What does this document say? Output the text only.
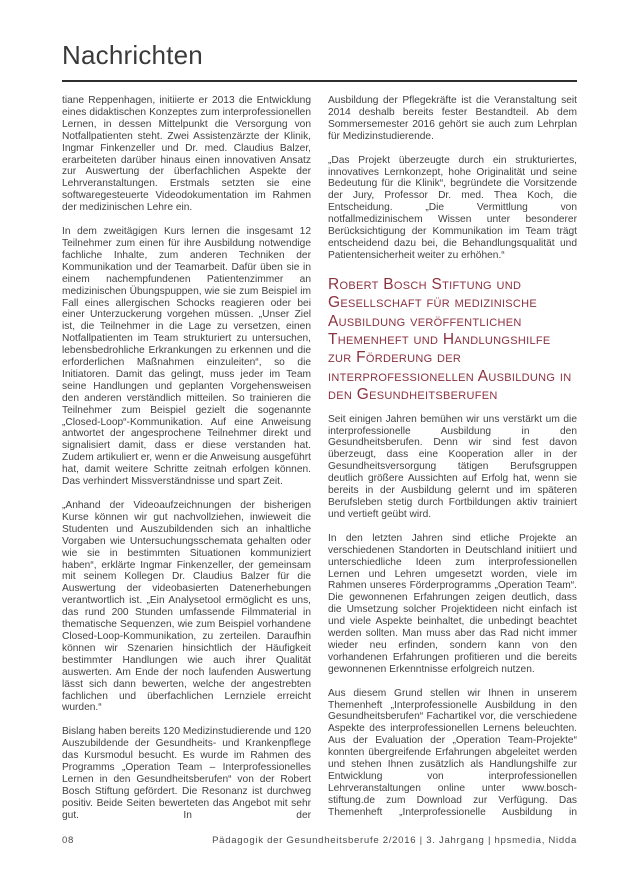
Nachrichten

tiane Reppenhagen, initiierte er 2013 die Entwicklung eines didaktischen Konzeptes zum interprofessionellen Lernen, in dessen Mittelpunkt die Versorgung von Notfallpatienten steht. Zwei Assistenzärzte der Klinik, Ingmar Finkenzeller und Dr. med. Claudius Balzer, erarbeiteten darüber hinaus einen innovativen Ansatz zur Auswertung der überfachlichen Aspekte der Lehrveranstaltungen. Erstmals setzten sie eine softwaregesteuerte Videodokumentation im Rahmen der medizinischen Lehre ein.

In dem zweitägigen Kurs lernen die insgesamt 12 Teilnehmer zum einen für ihre Ausbildung notwendige fachliche Inhalte, zum anderen Techniken der Kommunikation und der Teamarbeit. Dafür üben sie in einem nachempfundenen Patientenzimmer an medizinischen Übungspuppen, wie sie zum Beispiel im Fall eines allergischen Schocks reagieren oder bei einer Unterzuckerung vorgehen müssen. „Unser Ziel ist, die Teilnehmer in die Lage zu versetzen, einen Notfallpatienten im Team strukturiert zu untersuchen, lebensbedrohliche Erkrankungen zu erkennen und die erforderlichen Maßnahmen einzuleiten“, so die Initiatoren. Damit das gelingt, muss jeder im Team seine Handlungen und geplanten Vorgehensweisen den anderen verständlich mitteilen. So trainieren die Teilnehmer zum Beispiel gezielt die sogenannte „Closed-Loop“-Kommunikation. Auf eine Anweisung antwortet der angesprochene Teilnehmer direkt und signalisiert damit, dass er diese verstanden hat. Zudem artikuliert er, wenn er die Anweisung ausgeführt hat, damit weitere Schritte zeitnah erfolgen können. Das verhindert Missverständnisse und spart Zeit.

„Anhand der Videoaufzeichnungen der bisherigen Kurse können wir gut nachvollziehen, inwieweit die Studenten und Auszubildenden sich an inhaltliche Vorgaben wie Untersuchungsschemata gehalten oder wie sie in bestimmten Situationen kommuniziert haben“, erklärte Ingmar Finkenzeller, der gemeinsam mit seinem Kollegen Dr. Claudius Balzer für die Auswertung der videobasierten Datenerhebungen verantwortlich ist. „Ein Analysetool ermöglicht es uns, das rund 200 Stunden umfassende Filmmaterial in thematische Sequenzen, wie zum Beispiel vorhandene Closed-Loop-Kommunikation, zu zerteilen. Daraufhin können wir Szenarien hinsichtlich der Häufigkeit bestimmter Handlungen wie auch ihrer Qualität auswerten. Am Ende der noch laufenden Auswertung lässt sich dann bewerten, welche der angestrebten fachlichen und überfachlichen Lernziele erreicht wurden.“

Bislang haben bereits 120 Medizinstudierende und 120 Auszubildende der Gesundheits- und Krankenpflege das Kursmodul besucht. Es wurde im Rahmen des Programms „Operation Team – Interprofessionelles Lernen in den Gesundheitsberufen“ von der Robert Bosch Stiftung gefördert. Die Resonanz ist durchweg positiv. Beide Seiten bewerteten das Angebot mit sehr gut. In der

Ausbildung der Pflegekräfte ist die Veranstaltung seit 2014 deshalb bereits fester Bestandteil. Ab dem Sommersemester 2016 gehört sie auch zum Lehrplan für Medizinstudierende.

„Das Projekt überzeugte durch ein strukturiertes, innovatives Lernkonzept, hohe Originalität und seine Bedeutung für die Klinik“, begründete die Vorsitzende der Jury, Professor Dr. med. Thea Koch, die Entscheidung. „Die Vermittlung von notfallmedizinischem Wissen unter besonderer Berücksichtigung der Kommunikation im Team trägt entscheidend dazu bei, die Behandlungsqualität und Patientensicherheit weiter zu erhöhen.“

Robert Bosch Stiftung und Gesellschaft für medizinische Ausbildung veröffentlichen Themenheft und Handlungshilfe zur Förderung der interprofessionellen Ausbildung in den Gesundheitsberufen

Seit einigen Jahren bemühen wir uns verstärkt um die interprofessionelle Ausbildung in den Gesundheitsberufen. Denn wir sind fest davon überzeugt, dass eine Kooperation aller in der Gesundheitsversorgung tätigen Berufsgruppen deutlich größere Aussichten auf Erfolg hat, wenn sie bereits in der Ausbildung gelernt und im späteren Berufsleben stetig durch Fortbildungen aktiv trainiert und vertieft geübt wird.

In den letzten Jahren sind etliche Projekte an verschiedenen Standorten in Deutschland initiiert und unterschiedliche Ideen zum interprofessionellen Lernen und Lehren umgesetzt worden, viele im Rahmen unseres Förderprogramms „Operation Team“. Die gewonnenen Erfahrungen zeigen deutlich, dass die Umsetzung solcher Projektideen nicht einfach ist und viele Aspekte beinhaltet, die unbedingt beachtet werden sollten. Man muss aber das Rad nicht immer wieder neu erfinden, sondern kann von den vorhandenen Erfahrungen profitieren und die bereits gewonnenen Erkenntnisse erfolgreich nutzen.

Aus diesem Grund stellen wir Ihnen in unserem Themenheft „Interprofessionelle Ausbildung in den Gesundheitsberufen“ Fachartikel vor, die verschiedene Aspekte des interprofessionellen Lernens beleuchten. Aus der Evaluation der „Operation Team-Projekte“ konnten übergreifende Erfahrungen abgeleitet werden und stehen Ihnen zusätzlich als Handlungshilfe zur Entwicklung von interprofessionellen Lehrveranstaltungen online unter www.bosch-stiftung.de zum Download zur Verfügung. Das Themenheft „Interprofessionelle Ausbildung in

08	Pädagogik der Gesundheitsberufe 2/2016 | 3. Jahrgang | hpsmedia, Nidda
